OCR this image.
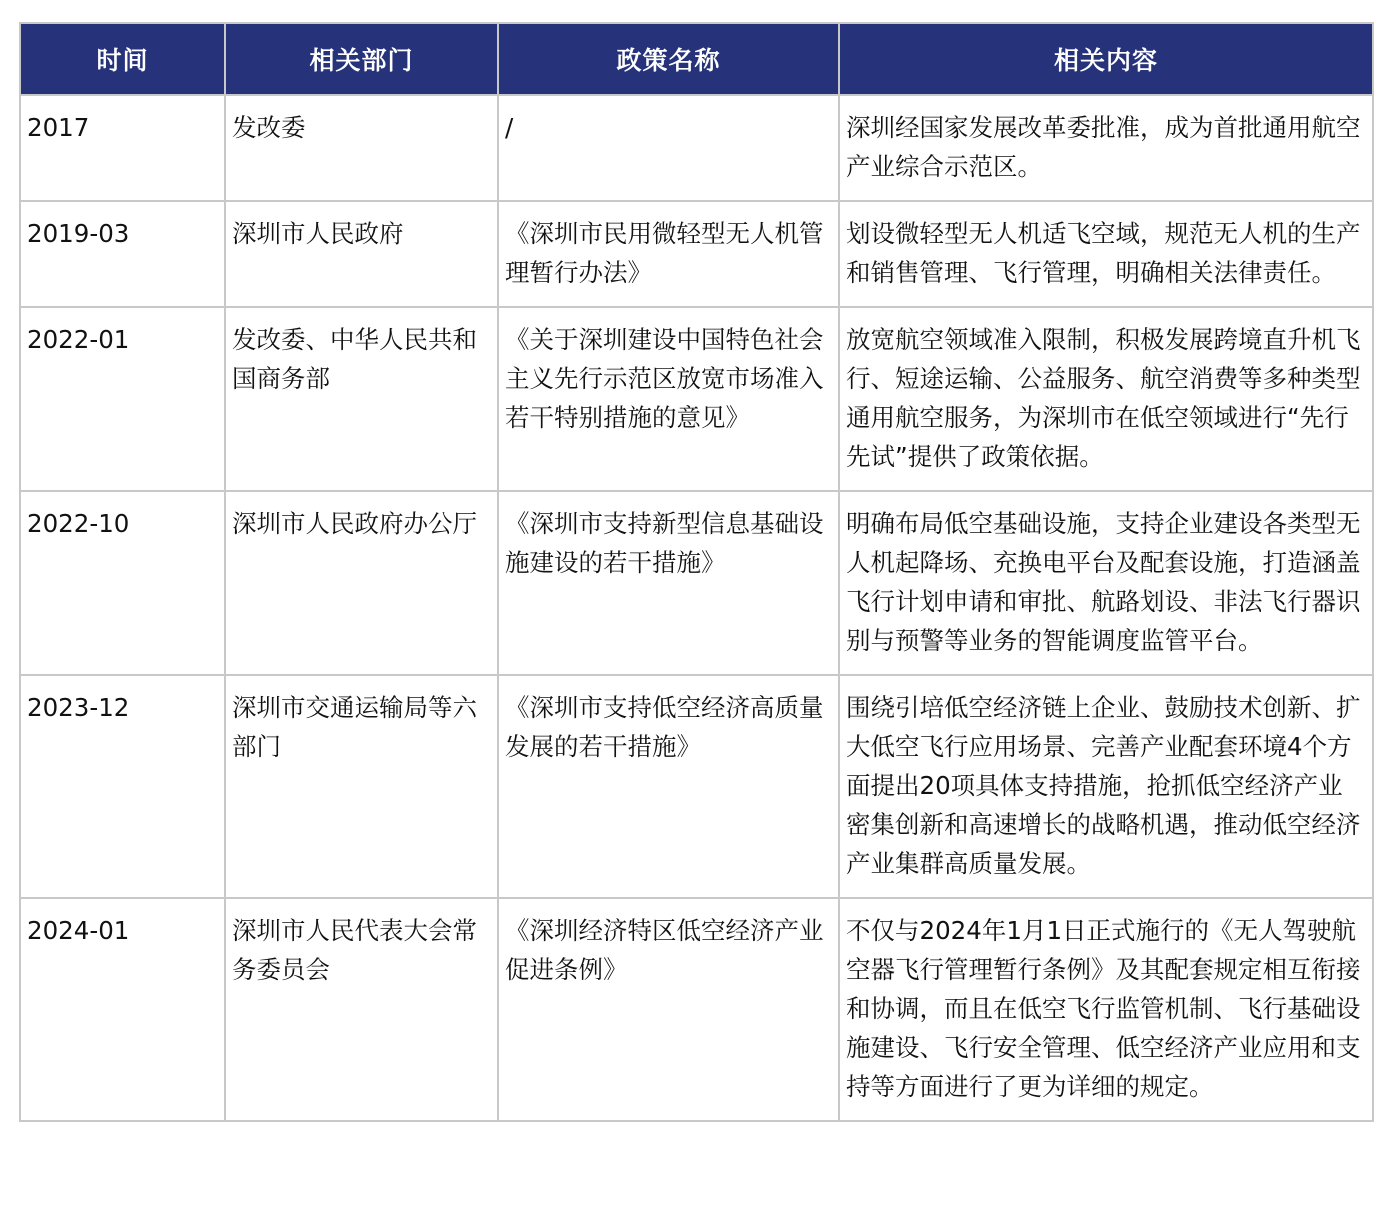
时间	相关部门	政策名称	相关内容
2017	发改委	/	深圳经国家发展改革委批准，成为首批通用航空产业综合示范区。
2019-03	深圳市人民政府	《深圳市民用微轻型无人机管理暂行办法》	划设微轻型无人机适飞空域，规范无人机的生产和销售管理、飞行管理，明确相关法律责任。
2022-01	发改委、中华人民共和国商务部	《关于深圳建设中国特色社会主义先行示范区放宽市场准入若干特别措施的意见》	放宽航空领域准入限制，积极发展跨境直升机飞行、短途运输、公益服务、航空消费等多种类型通用航空服务，为深圳市在低空领域进行“先行先试”提供了政策依据。
2022-10	深圳市人民政府办公厅	《深圳市支持新型信息基础设施建设的若干措施》	明确布局低空基础设施，支持企业建设各类型无人机起降场、充换电平台及配套设施，打造涵盖飞行计划申请和审批、航路划设、非法飞行器识别与预警等业务的智能调度监管平台。
2023-12	深圳市交通运输局等六部门	《深圳市支持低空经济高质量发展的若干措施》	围绕引培低空经济链上企业、鼓励技术创新、扩大低空飞行应用场景、完善产业配套环境4个方面提出20项具体支持措施，抢抓低空经济产业密集创新和高速增长的战略机遇，推动低空经济产业集群高质量发展。
2024-01	深圳市人民代表大会常务委员会	《深圳经济特区低空经济产业促进条例》	不仅与2024年1月1日正式施行的《无人驾驶航空器飞行管理暂行条例》及其配套规定相互衔接和协调，而且在低空飞行监管机制、飞行基础设施建设、飞行安全管理、低空经济产业应用和支持等方面进行了更为详细的规定。
